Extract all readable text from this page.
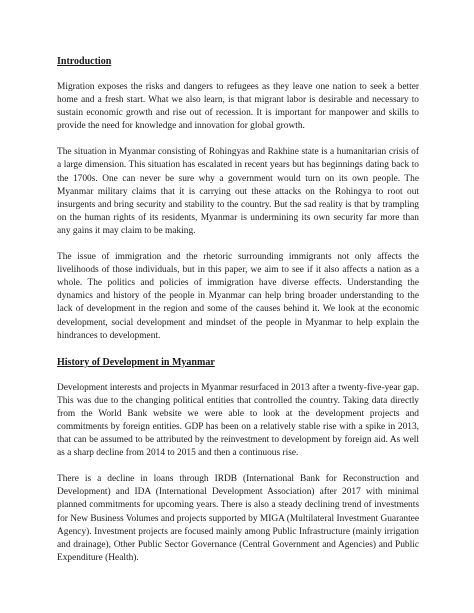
Introduction

Migration exposes the risks and dangers to refugees as they leave one nation to seek a better home and a fresh start. What we also learn, is that migrant labor is desirable and necessary to sustain economic growth and rise out of recession. It is important for manpower and skills to provide the need for knowledge and innovation for global growth.

The situation in Myanmar consisting of Rohingyas and Rakhine state is a humanitarian crisis of a large dimension. This situation has escalated in recent years but has beginnings dating back to the 1700s. One can never be sure why a government would turn on its own people. The Myanmar military claims that it is carrying out these attacks on the Rohingya to root out insurgents and bring security and stability to the country. But the sad reality is that by trampling on the human rights of its residents, Myanmar is undermining its own security far more than any gains it may claim to be making.

The issue of immigration and the rhetoric surrounding immigrants not only affects the livelihoods of those individuals, but in this paper, we aim to see if it also affects a nation as a whole. The politics and policies of immigration have diverse effects. Understanding the dynamics and history of the people in Myanmar can help bring broader understanding to the lack of development in the region and some of the causes behind it. We look at the economic development, social development and mindset of the people in Myanmar to help explain the hindrances to development.

History of Development in Myanmar

Development interests and projects in Myanmar resurfaced in 2013 after a twenty-five-year gap. This was due to the changing political entities that controlled the country. Taking data directly from the World Bank website we were able to look at the development projects and commitments by foreign entities. GDP has been on a relatively stable rise with a spike in 2013, that can be assumed to be attributed by the reinvestment to development by foreign aid. As well as a sharp decline from 2014 to 2015 and then a continuous rise.

There is a decline in loans through IRDB (International Bank for Reconstruction and Development) and IDA (International Development Association) after 2017 with minimal planned commitments for upcoming years. There is also a steady declining trend of investments for New Business Volumes and projects supported by MIGA (Multilateral Investment Guarantee Agency). Investment projects are focused mainly among Public Infrastructure (mainly irrigation and drainage), Other Public Sector Governance (Central Government and Agencies) and Public Expenditure (Health).
